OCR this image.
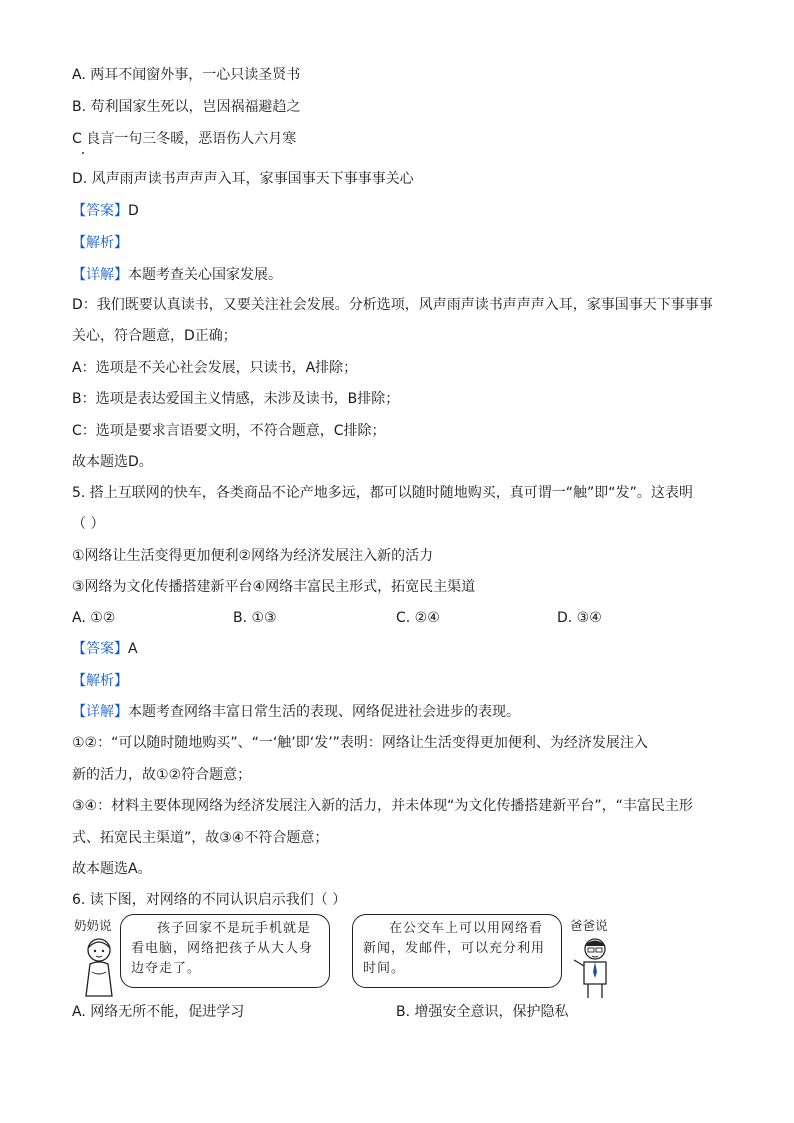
A. 两耳不闻窗外事，一心只读圣贤书
B. 苟利国家生死以，岂因祸福避趋之
C 良言一句三冬暖，恶语伤人六月寒
D. 风声雨声读书声声声入耳，家事国事天下事事事关心
【答案】D
【解析】
【详解】本题考查关心国家发展。
D：我们既要认真读书，又要关注社会发展。分析选项，风声雨声读书声声声入耳，家事国事天下事事事
关心，符合题意，D正确；
A：选项是不关心社会发展，只读书，A排除；
B：选项是表达爱国主义情感，未涉及读书，B排除；
C：选项是要求言语要文明，不符合题意，C排除；
故本题选D。
5. 搭上互联网的快车，各类商品不论产地多远，都可以随时随地购买，真可谓一“触”即“发”。这表明
（ ）
①网络让生活变得更加便利②网络为经济发展注入新的活力
③网络为文化传播搭建新平台④网络丰富民主形式，拓宽民主渠道
A. ①②	B. ①③	C. ②④	D. ③④
【答案】A
【解析】
【详解】本题考查网络丰富日常生活的表现、网络促进社会进步的表现。
①②：“可以随时随地购买”、“一‘触’即‘发’”表明：网络让生活变得更加便利、为经济发展注入
新的活力，故①②符合题意；
③④：材料主要体现网络为经济发展注入新的活力，并未体现“为文化传播搭建新平台”，“丰富民主形
式、拓宽民主渠道”，故③④不符合题意；
故本题选A。
6. 读下图，对网络的不同认识启示我们（ ）
奶奶说	孩子回家不是玩手机就是看电脑，网络把孩子从大人身边夺走了。
在公交车上可以用网络看新闻，发邮件，可以充分利用时间。
爸爸说
A. 网络无所不能，促进学习	B. 增强安全意识，保护隐私
